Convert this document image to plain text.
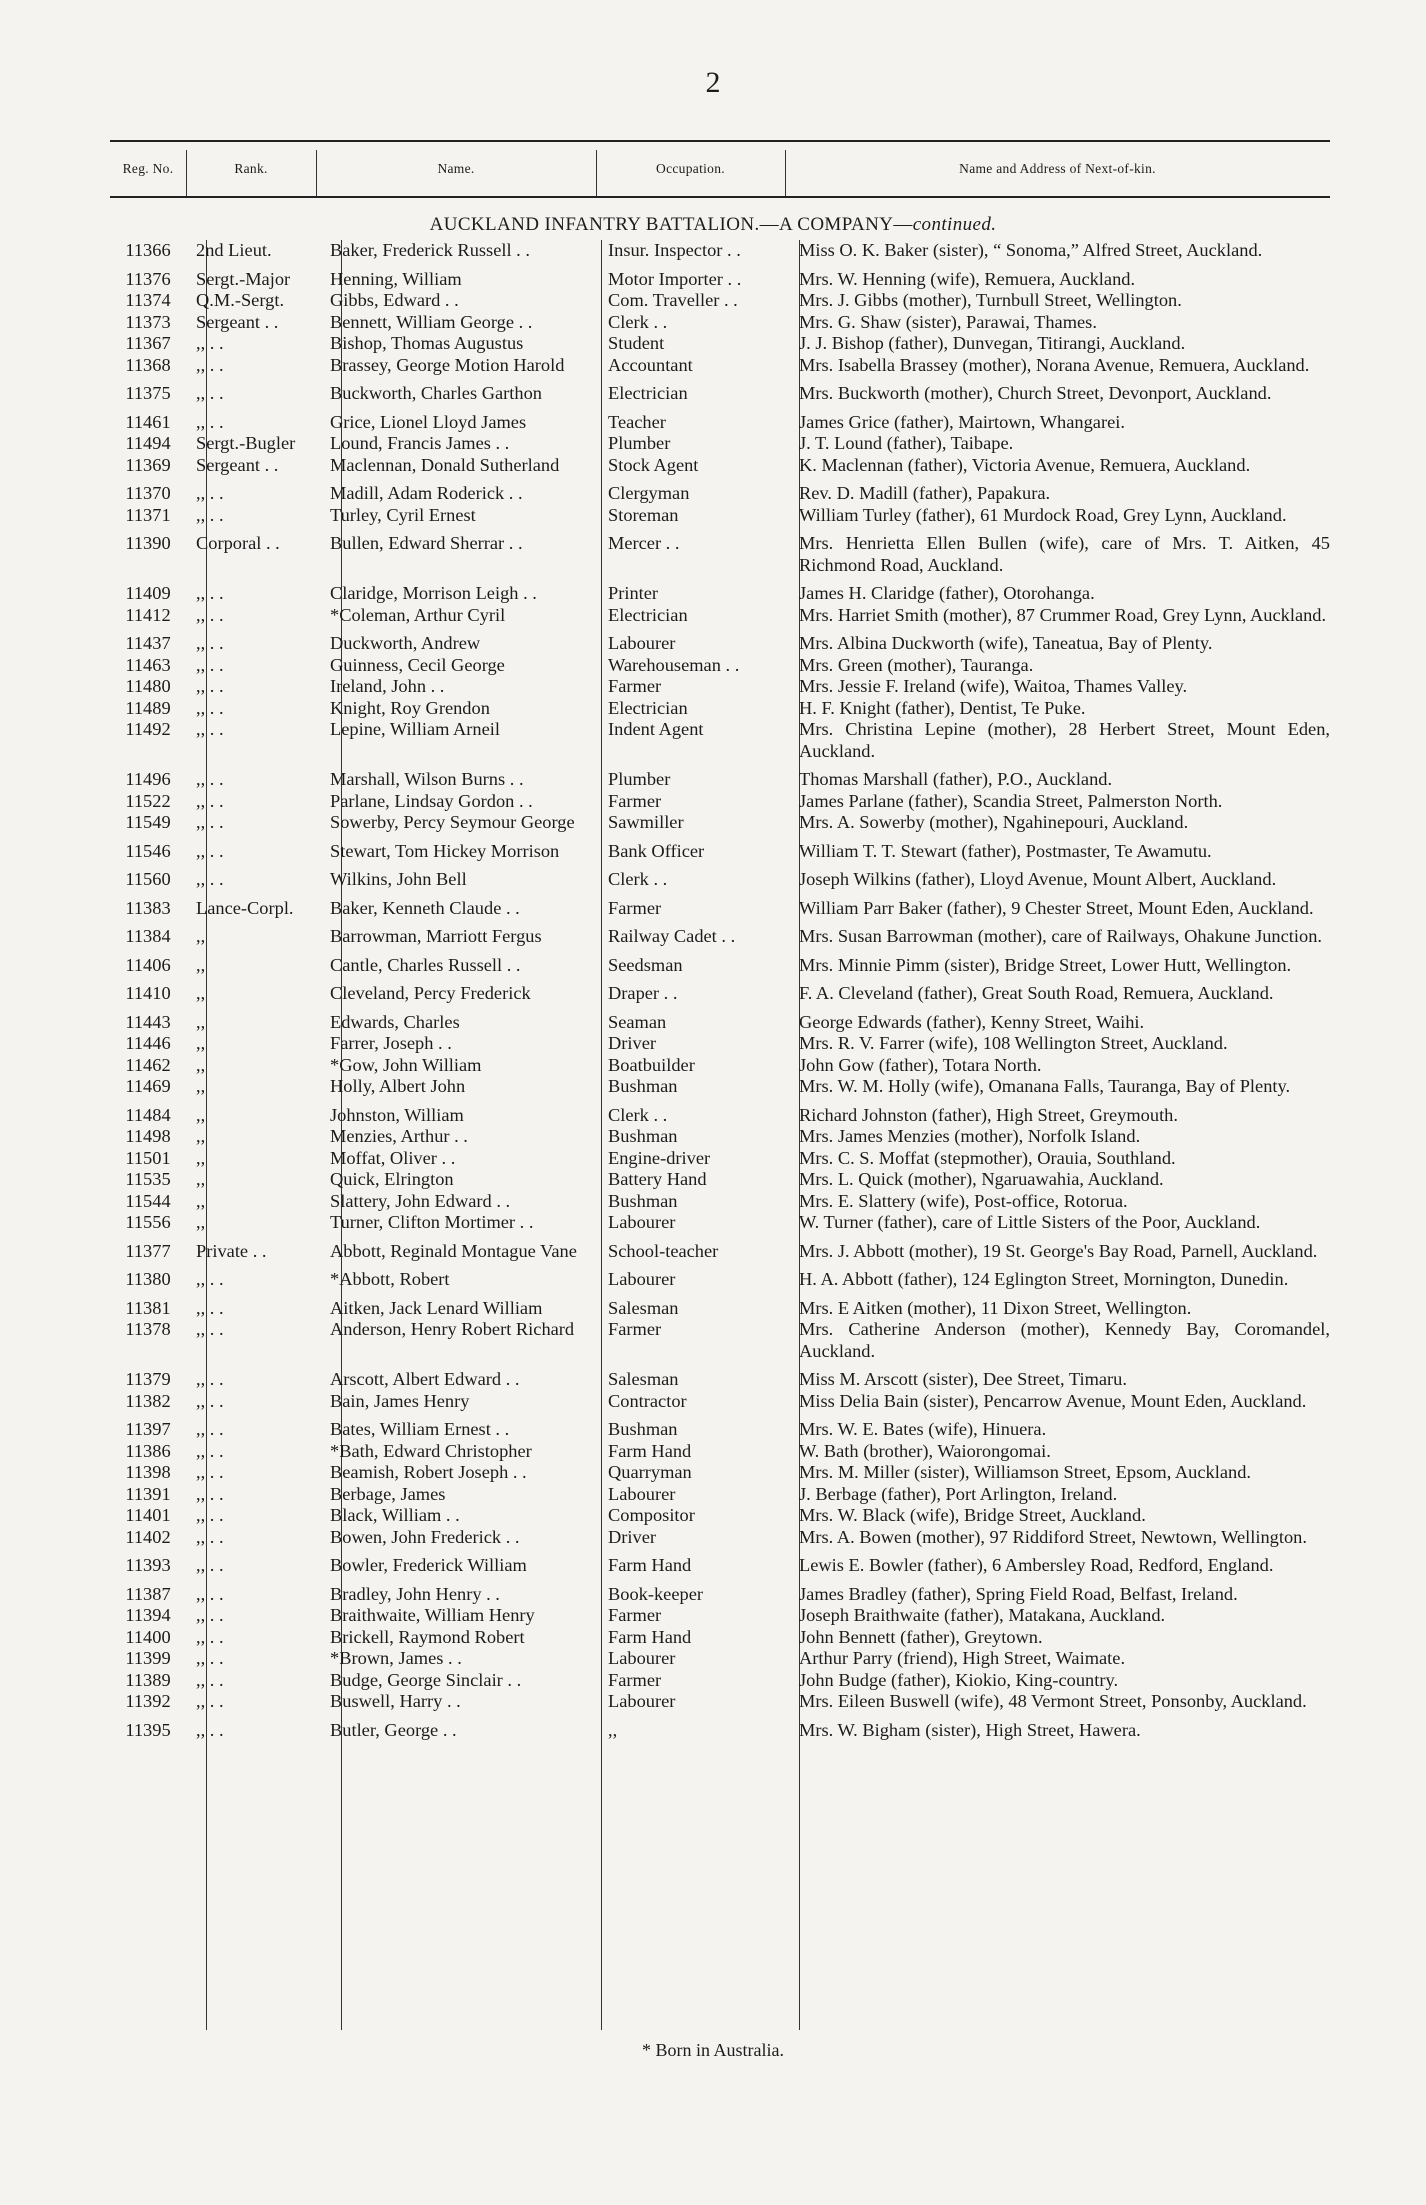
2
Reg. No.	Rank.	Name.	Occupation.	Name and Address of Next-of-kin.
AUCKLAND INFANTRY BATTALION.—A COMPANY—continued.
11366	2nd Lieut.	Baker, Frederick Russell . .	Insur. Inspector . .	Miss O. K. Baker (sister), “ Sonoma,” Alfred Street, Auckland.
11376	Sergt.-Major	Henning, William	Motor Importer . .	Mrs. W. Henning (wife), Remuera, Auckland.
11374	Q.M.-Sergt.	Gibbs, Edward . .	Com. Traveller . .	Mrs. J. Gibbs (mother), Turnbull Street, Wellington.
11373	Sergeant . .	Bennett, William George . .	Clerk . .	Mrs. G. Shaw (sister), Parawai, Thames.
11367	,, . .	Bishop, Thomas Augustus	Student	J. J. Bishop (father), Dunvegan, Titirangi, Auckland.
11368	,, . .	Brassey, George Motion Harold	Accountant	Mrs. Isabella Brassey (mother), Norana Avenue, Remuera, Auckland.
11375	,, . .	Buckworth, Charles Garthon	Electrician	Mrs. Buckworth (mother), Church Street, Devonport, Auckland.
11461	,, . .	Grice, Lionel Lloyd James	Teacher	James Grice (father), Mairtown, Whangarei.
11494	Sergt.-Bugler	Lound, Francis James . .	Plumber	J. T. Lound (father), Taibape.
11369	Sergeant . .	Maclennan, Donald Sutherland	Stock Agent	K. Maclennan (father), Victoria Avenue, Remuera, Auckland.
11370	,, . .	Madill, Adam Roderick . .	Clergyman	Rev. D. Madill (father), Papakura.
11371	,, . .	Turley, Cyril Ernest	Storeman	William Turley (father), 61 Murdock Road, Grey Lynn, Auckland.
11390	Corporal . .	Bullen, Edward Sherrar . .	Mercer . .	Mrs. Henrietta Ellen Bullen (wife), care of Mrs. T. Aitken, 45 Richmond Road, Auckland.
11409	,, . .	Claridge, Morrison Leigh . .	Printer	James H. Claridge (father), Otorohanga.
11412	,, . .	*Coleman, Arthur Cyril	Electrician	Mrs. Harriet Smith (mother), 87 Crummer Road, Grey Lynn, Auckland.
11437	,, . .	Duckworth, Andrew	Labourer	Mrs. Albina Duckworth (wife), Taneatua, Bay of Plenty.
11463	,, . .	Guinness, Cecil George	Warehouseman . .	Mrs. Green (mother), Tauranga.
11480	,, . .	Ireland, John . .	Farmer	Mrs. Jessie F. Ireland (wife), Waitoa, Thames Valley.
11489	,, . .	Knight, Roy Grendon	Electrician	H. F. Knight (father), Dentist, Te Puke.
11492	,, . .	Lepine, William Arneil	Indent Agent	Mrs. Christina Lepine (mother), 28 Herbert Street, Mount Eden, Auckland.
11496	,, . .	Marshall, Wilson Burns . .	Plumber	Thomas Marshall (father), P.O., Auckland.
11522	,, . .	Parlane, Lindsay Gordon . .	Farmer	James Parlane (father), Scandia Street, Palmerston North.
11549	,, . .	Sowerby, Percy Seymour George	Sawmiller	Mrs. A. Sowerby (mother), Ngahinepouri, Auckland.
11546	,, . .	Stewart, Tom Hickey Morrison	Bank Officer	William T. T. Stewart (father), Postmaster, Te Awamutu.
11560	,, . .	Wilkins, John Bell	Clerk . .	Joseph Wilkins (father), Lloyd Avenue, Mount Albert, Auckland.
11383	Lance-Corpl.	Baker, Kenneth Claude . .	Farmer	William Parr Baker (father), 9 Chester Street, Mount Eden, Auckland.
11384	,,	Barrowman, Marriott Fergus	Railway Cadet . .	Mrs. Susan Barrowman (mother), care of Railways, Ohakune Junction.
11406	,,	Cantle, Charles Russell . .	Seedsman	Mrs. Minnie Pimm (sister), Bridge Street, Lower Hutt, Wellington.
11410	,,	Cleveland, Percy Frederick	Draper . .	F. A. Cleveland (father), Great South Road, Remuera, Auckland.
11443	,,	Edwards, Charles	Seaman	George Edwards (father), Kenny Street, Waihi.
11446	,,	Farrer, Joseph . .	Driver	Mrs. R. V. Farrer (wife), 108 Wellington Street, Auckland.
11462	,,	*Gow, John William	Boatbuilder	John Gow (father), Totara North.
11469	,,	Holly, Albert John	Bushman	Mrs. W. M. Holly (wife), Omanana Falls, Tauranga, Bay of Plenty.
11484	,,	Johnston, William	Clerk . .	Richard Johnston (father), High Street, Greymouth.
11498	,,	Menzies, Arthur . .	Bushman	Mrs. James Menzies (mother), Norfolk Island.
11501	,,	Moffat, Oliver . .	Engine-driver	Mrs. C. S. Moffat (stepmother), Orauia, Southland.
11535	,,	Quick, Elrington	Battery Hand	Mrs. L. Quick (mother), Ngaruawahia, Auckland.
11544	,,	Slattery, John Edward . .	Bushman	Mrs. E. Slattery (wife), Post-office, Rotorua.
11556	,,	Turner, Clifton Mortimer . .	Labourer	W. Turner (father), care of Little Sisters of the Poor, Auckland.
11377	Private . .	Abbott, Reginald Montague Vane	School-teacher	Mrs. J. Abbott (mother), 19 St. George's Bay Road, Parnell, Auckland.
11380	,, . .	*Abbott, Robert	Labourer	H. A. Abbott (father), 124 Eglington Street, Mornington, Dunedin.
11381	,, . .	Aitken, Jack Lenard William	Salesman	Mrs. E Aitken (mother), 11 Dixon Street, Wellington.
11378	,, . .	Anderson, Henry Robert Richard	Farmer	Mrs. Catherine Anderson (mother), Kennedy Bay, Coromandel, Auckland.
11379	,, . .	Arscott, Albert Edward . .	Salesman	Miss M. Arscott (sister), Dee Street, Timaru.
11382	,, . .	Bain, James Henry	Contractor	Miss Delia Bain (sister), Pencarrow Avenue, Mount Eden, Auckland.
11397	,, . .	Bates, William Ernest . .	Bushman	Mrs. W. E. Bates (wife), Hinuera.
11386	,, . .	*Bath, Edward Christopher	Farm Hand	W. Bath (brother), Waiorongomai.
11398	,, . .	Beamish, Robert Joseph . .	Quarryman	Mrs. M. Miller (sister), Williamson Street, Epsom, Auckland.
11391	,, . .	Berbage, James	Labourer	J. Berbage (father), Port Arlington, Ireland.
11401	,, . .	Black, William . .	Compositor	Mrs. W. Black (wife), Bridge Street, Auckland.
11402	,, . .	Bowen, John Frederick . .	Driver	Mrs. A. Bowen (mother), 97 Riddiford Street, Newtown, Wellington.
11393	,, . .	Bowler, Frederick William	Farm Hand	Lewis E. Bowler (father), 6 Ambersley Road, Redford, England.
11387	,, . .	Bradley, John Henry . .	Book-keeper	James Bradley (father), Spring Field Road, Belfast, Ireland.
11394	,, . .	Braithwaite, William Henry	Farmer	Joseph Braithwaite (father), Matakana, Auckland.
11400	,, . .	Brickell, Raymond Robert	Farm Hand	John Bennett (father), Greytown.
11399	,, . .	*Brown, James . .	Labourer	Arthur Parry (friend), High Street, Waimate.
11389	,, . .	Budge, George Sinclair . .	Farmer	John Budge (father), Kiokio, King-country.
11392	,, . .	Buswell, Harry . .	Labourer	Mrs. Eileen Buswell (wife), 48 Vermont Street, Ponsonby, Auckland.
11395	,, . .	Butler, George . .	,,	Mrs. W. Bigham (sister), High Street, Hawera.
* Born in Australia.
